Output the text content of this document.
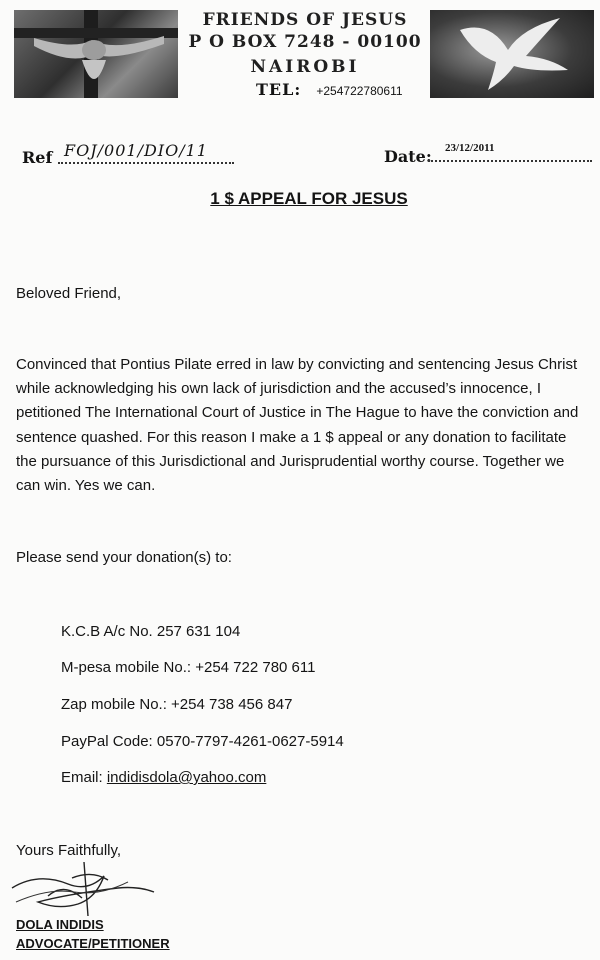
FRIENDS OF JESUS
P O BOX 7248 - 00100
NAIROBI
TEL: +254722780611
Ref FOJ/001/DIO/11	Date: 23/12/2011
1 $ APPEAL FOR JESUS
Beloved Friend,
Convinced that Pontius Pilate erred in law by convicting and sentencing Jesus Christ while acknowledging his own lack of jurisdiction and the accused’s innocence, I petitioned The International Court of Justice in The Hague to have the conviction and sentence quashed. For this reason I make a 1 $ appeal or any donation to facilitate the pursuance of this Jurisdictional and Jurisprudential worthy course. Together we can win. Yes we can.
Please send your donation(s) to:
K.C.B A/c No. 257 631 104
M-pesa mobile No.: +254 722 780 611
Zap mobile No.: +254 738 456 847
PayPal Code: 0570-7797-4261-0627-5914
Email: indidisdola@yahoo.com
Yours Faithfully,
DOLA INDIDIS
ADVOCATE/PETITIONER
